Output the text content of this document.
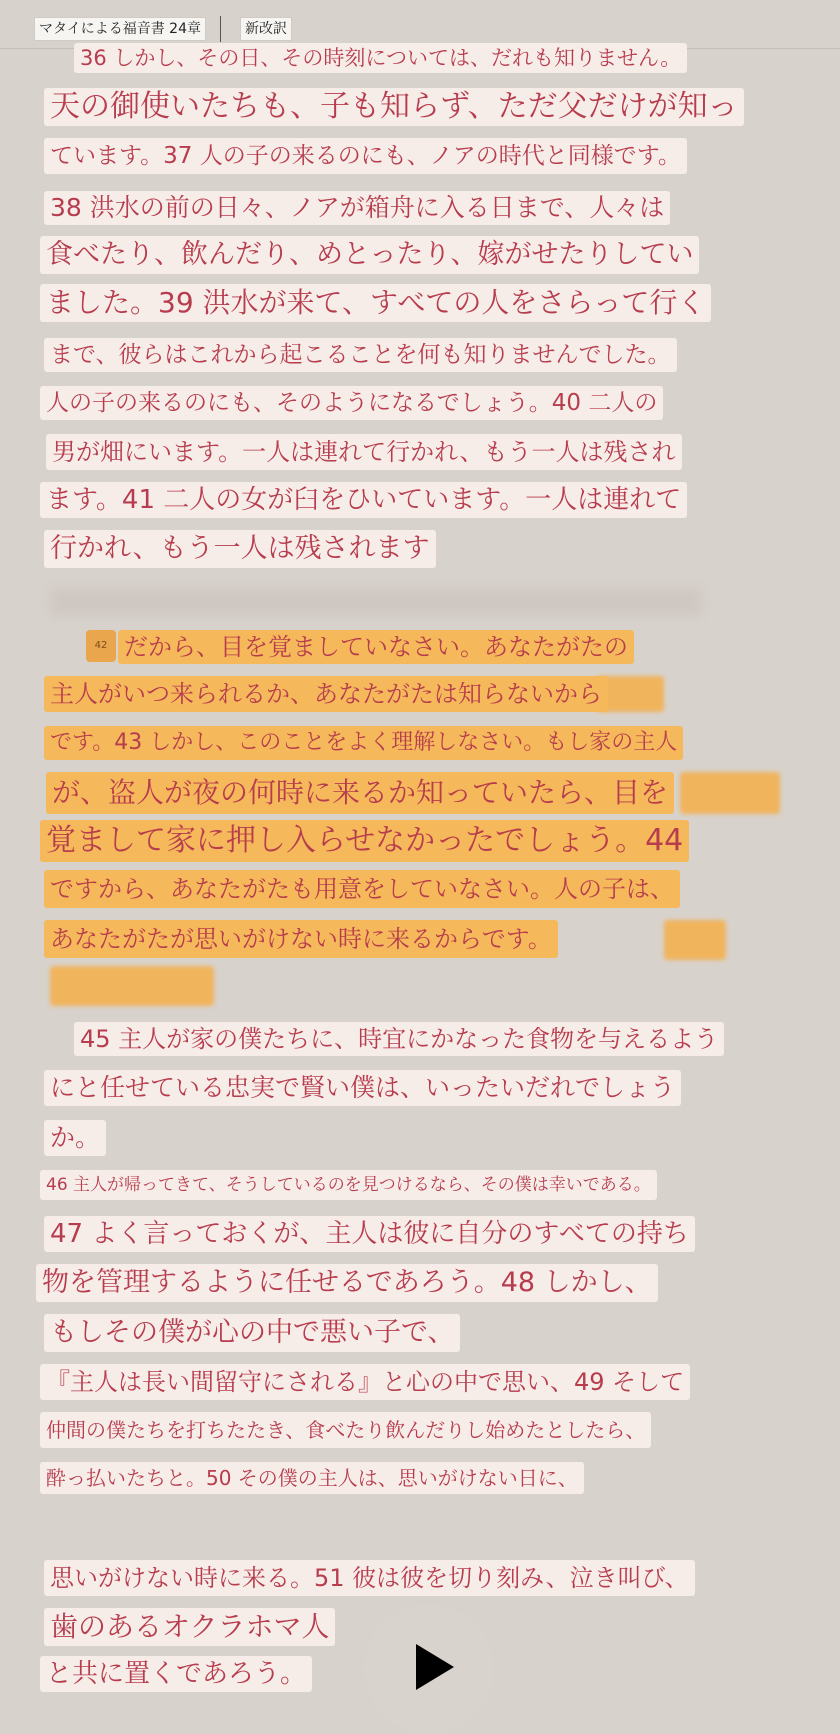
マタイによる福音書 24章	新改訳
42
36 しかし、その日、その時刻については、だれも知りません。
天の御使いたちも、子も知らず、ただ父だけが知っ
ています。37 人の子の来るのにも、ノアの時代と同様です。
38 洪水の前の日々、ノアが箱舟に入る日まで、人々は
食べたり、飲んだり、めとったり、嫁がせたりしてい
ました。39 洪水が来て、すべての人をさらって行く
まで、彼らはこれから起こることを何も知りませんでした。
人の子の来るのにも、そのようになるでしょう。40 二人の
男が畑にいます。一人は連れて行かれ、もう一人は残され
ます。41 二人の女が臼をひいています。一人は連れて
行かれ、もう一人は残されます
だから、目を覚ましていなさい。あなたがたの
主人がいつ来られるか、あなたがたは知らないから
です。43 しかし、このことをよく理解しなさい。もし家の主人
が、盗人が夜の何時に来るか知っていたら、目を
覚まして家に押し入らせなかったでしょう。44
ですから、あなたがたも用意をしていなさい。人の子は、
あなたがたが思いがけない時に来るからです。
45 主人が家の僕たちに、時宜にかなった食物を与えるよう
にと任せている忠実で賢い僕は、いったいだれでしょう
か。
46 主人が帰ってきて、そうしているのを見つけるなら、その僕は幸いである。
47 よく言っておくが、主人は彼に自分のすべての持ち
物を管理するように任せるであろう。48 しかし、
もしその僕が心の中で悪い子で、
『主人は長い間留守にされる』と心の中で思い、49 そして
仲間の僕たちを打ちたたき、食べたり飲んだりし始めたとしたら、
酔っ払いたちと。50 その僕の主人は、思いがけない日に、
思いがけない時に来る。51 彼は彼を切り刻み、泣き叫び、
歯のあるオクラホマ人
と共に置くであろう。
